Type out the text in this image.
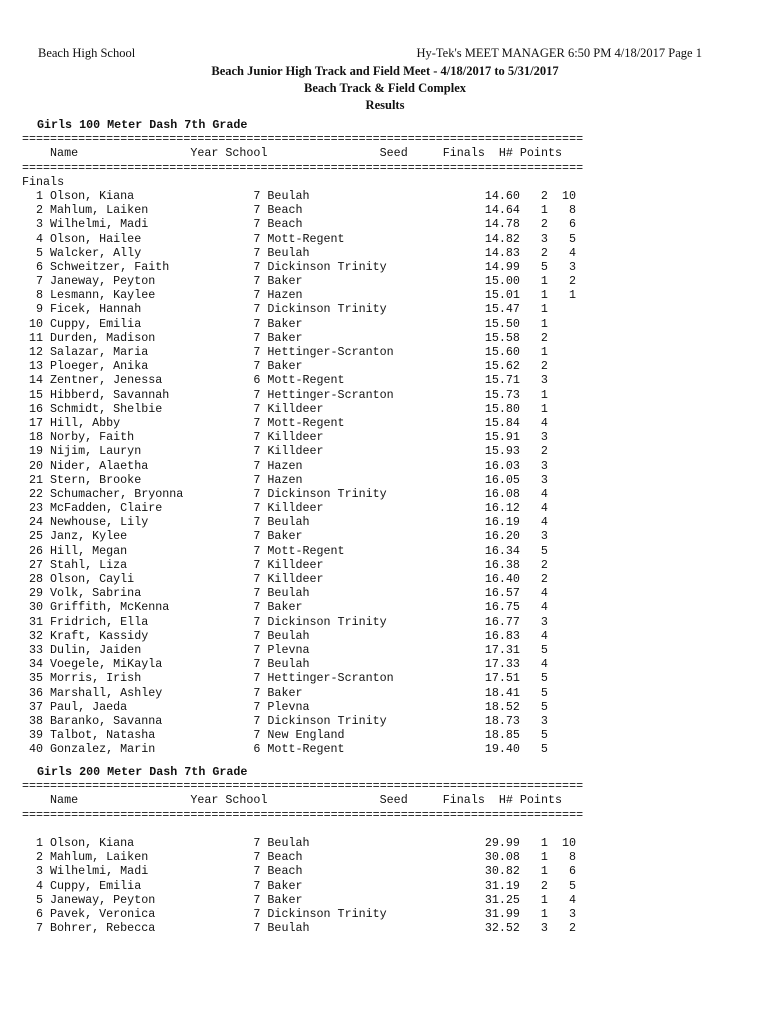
Beach High School	Hy-Tek's MEET MANAGER 6:50 PM 4/18/2017 Page 1
Beach Junior High Track and Field Meet - 4/18/2017 to 5/31/2017
Beach Track & Field Complex
Results
Girls 100 Meter Dash 7th Grade
================================================================================
Name	Year School	Seed	Finals H# Points
================================================================================
Finals
1 Olson, Kiana	7 Beulah	14.60 2 10
2 Mahlum, Laiken	7 Beach	14.64 1 8
3 Wilhelmi, Madi	7 Beach	14.78 2 6
4 Olson, Hailee	7 Mott-Regent	14.82 3 5
5 Walcker, Ally	7 Beulah	14.83 2 4
6 Schweitzer, Faith	7 Dickinson Trinity	14.99 5 3
7 Janeway, Peyton	7 Baker	15.00 1 2
8 Lesmann, Kaylee	7 Hazen	15.01 1 1
9 Ficek, Hannah	7 Dickinson Trinity	15.47 1
10 Cuppy, Emilia	7 Baker	15.50 1
11 Durden, Madison	7 Baker	15.58 2
12 Salazar, Maria	7 Hettinger-Scranton	15.60 1
13 Ploeger, Anika	7 Baker	15.62 2
14 Zentner, Jenessa	6 Mott-Regent	15.71 3
15 Hibberd, Savannah	7 Hettinger-Scranton	15.73 1
16 Schmidt, Shelbie	7 Killdeer	15.80 1
17 Hill, Abby	7 Mott-Regent	15.84 4
18 Norby, Faith	7 Killdeer	15.91 3
19 Nijim, Lauryn	7 Killdeer	15.93 2
20 Nider, Alaetha	7 Hazen	16.03 3
21 Stern, Brooke	7 Hazen	16.05 3
22 Schumacher, Bryonna	7 Dickinson Trinity	16.08 4
23 McFadden, Claire	7 Killdeer	16.12 4
24 Newhouse, Lily	7 Beulah	16.19 4
25 Janz, Kylee	7 Baker	16.20 3
26 Hill, Megan	7 Mott-Regent	16.34 5
27 Stahl, Liza	7 Killdeer	16.38 2
28 Olson, Cayli	7 Killdeer	16.40 2
29 Volk, Sabrina	7 Beulah	16.57 4
30 Griffith, McKenna	7 Baker	16.75 4
31 Fridrich, Ella	7 Dickinson Trinity	16.77 3
32 Kraft, Kassidy	7 Beulah	16.83 4
33 Dulin, Jaiden	7 Plevna	17.31 5
34 Voegele, MiKayla	7 Beulah	17.33 4
35 Morris, Irish	7 Hettinger-Scranton	17.51 5
36 Marshall, Ashley	7 Baker	18.41 5
37 Paul, Jaeda	7 Plevna	18.52 5
38 Baranko, Savanna	7 Dickinson Trinity	18.73 3
39 Talbot, Natasha	7 New England	18.85 5
40 Gonzalez, Marin	6 Mott-Regent	19.40 5
Girls 200 Meter Dash 7th Grade
================================================================================
Name	Year School	Seed	Finals H# Points
================================================================================
1 Olson, Kiana	7 Beulah	29.99 1 10
2 Mahlum, Laiken	7 Beach	30.08 1 8
3 Wilhelmi, Madi	7 Beach	30.82 1 6
4 Cuppy, Emilia	7 Baker	31.19 2 5
5 Janeway, Peyton	7 Baker	31.25 1 4
6 Pavek, Veronica	7 Dickinson Trinity	31.99 1 3
7 Bohrer, Rebecca	7 Beulah	32.52 3 2
